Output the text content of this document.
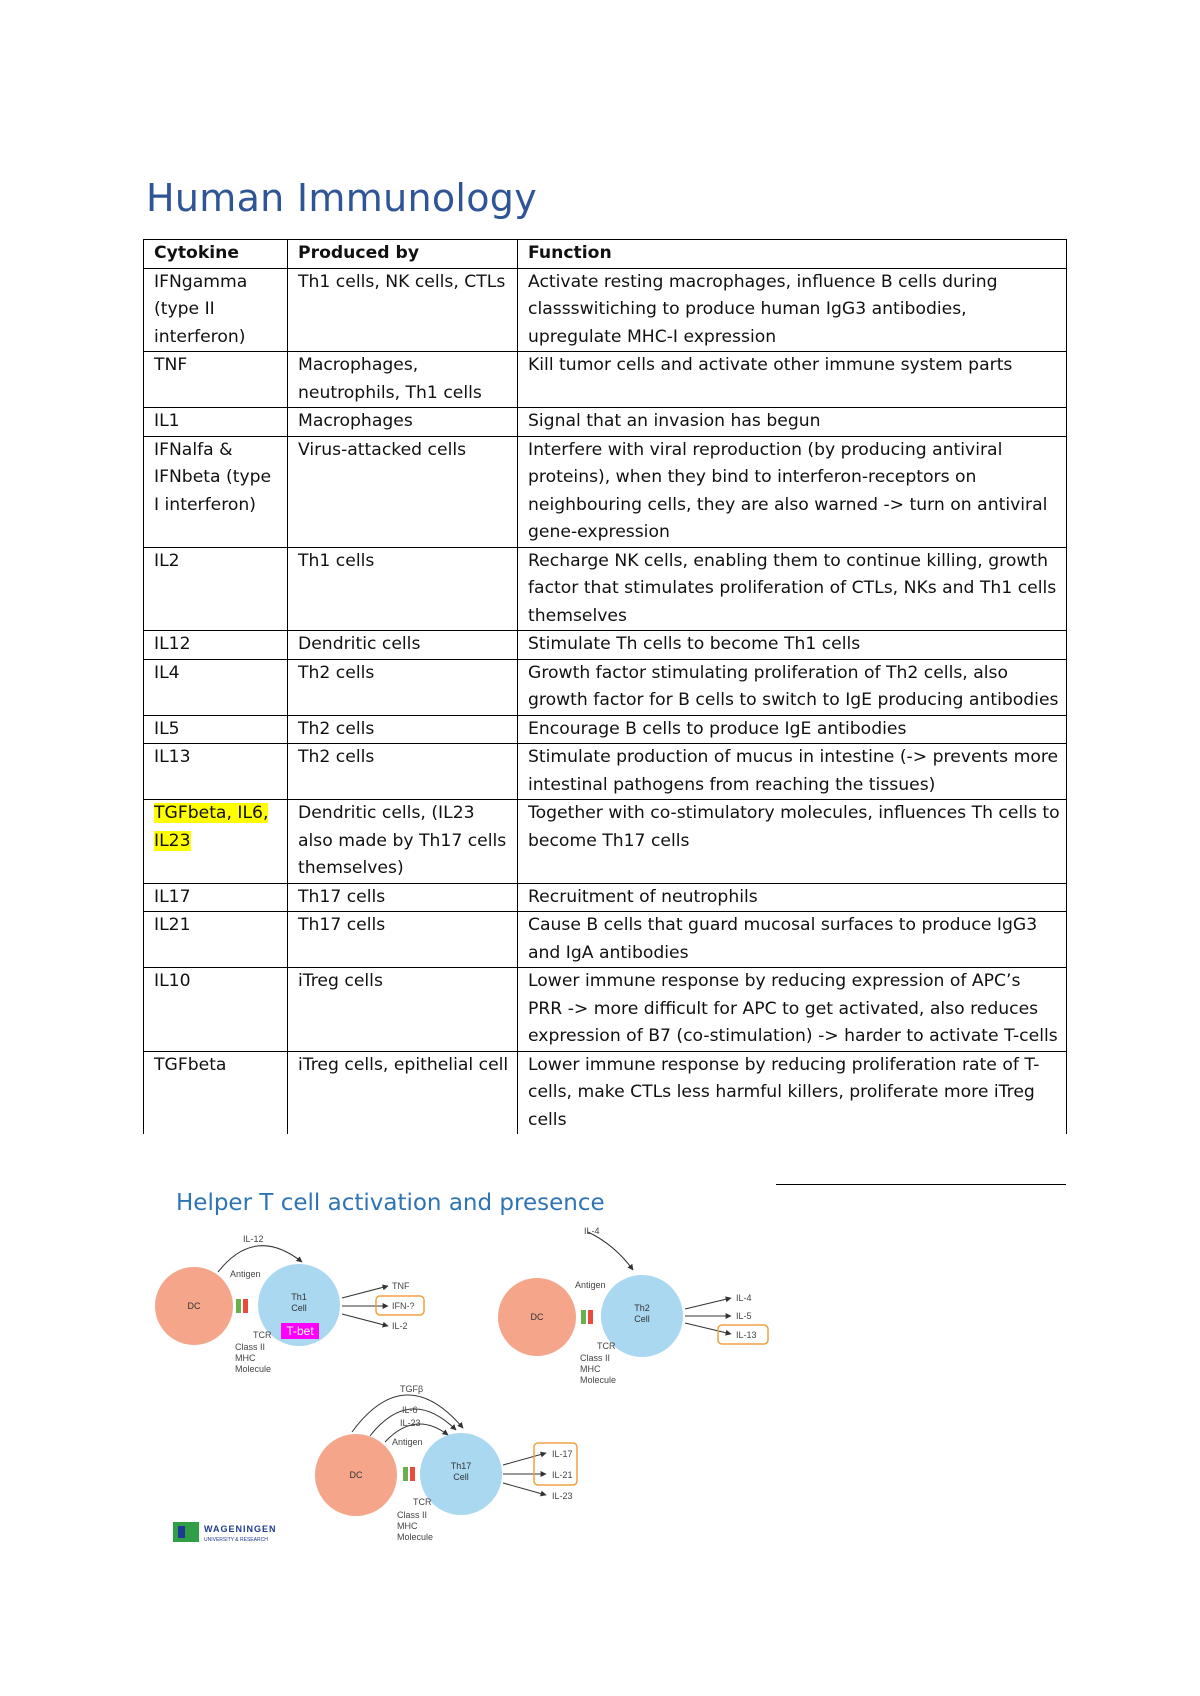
Human Immunology
Cytokine	Produced by	Function
IFNgamma (type II interferon)	Th1 cells, NK cells, CTLs	Activate resting macrophages, influence B cells during classswitiching to produce human IgG3 antibodies, upregulate MHC-I expression
TNF	Macrophages, neutrophils, Th1 cells	Kill tumor cells and activate other immune system parts
IL1	Macrophages	Signal that an invasion has begun
IFNalfa & IFNbeta (type I interferon)	Virus-attacked cells	Interfere with viral reproduction (by producing antiviral proteins), when they bind to interferon-receptors on neighbouring cells, they are also warned -> turn on antiviral gene-expression
IL2	Th1 cells	Recharge NK cells, enabling them to continue killing, growth factor that stimulates proliferation of CTLs, NKs and Th1 cells themselves
IL12	Dendritic cells	Stimulate Th cells to become Th1 cells
IL4	Th2 cells	Growth factor stimulating proliferation of Th2 cells, also growth factor for B cells to switch to IgE producing antibodies
IL5	Th2 cells	Encourage B cells to produce IgE antibodies
IL13	Th2 cells	Stimulate production of mucus in intestine (-> prevents more intestinal pathogens from reaching the tissues)
TGFbeta, IL6, IL23	Dendritic cells, (IL23 also made by Th17 cells themselves)	Together with co-stimulatory molecules, influences Th cells to become Th17 cells
IL17	Th17 cells	Recruitment of neutrophils
IL21	Th17 cells	Cause B cells that guard mucosal surfaces to produce IgG3 and IgA antibodies
IL10	iTreg cells	Lower immune response by reducing expression of APC’s PRR -> more difficult for APC to get activated, also reduces expression of B7 (co-stimulation) -> harder to activate T-cells
TGFbeta	iTreg cells, epithelial cell	Lower immune response by reducing proliferation rate of T-cells, make CTLs less harmful killers, proliferate more iTreg cells
Helper T cell activation and presence
DC
Th1
Cell
IL-12
Antigen
TCR
Class II
MHC
Molecule
TNF
IFN-?
IL-2
T-bet
DC
Th2
Cell
IL-4
Antigen
TCR
Class II
MHC
Molecule
IL-4
IL-5
IL-13
DC
Th17
Cell
TGFβ
IL-6
IL-23
Antigen
TCR
Class II
MHC
Molecule
IL-17
IL-21
IL-23
WAGENINGEN
UNIVERSITY & RESEARCH
